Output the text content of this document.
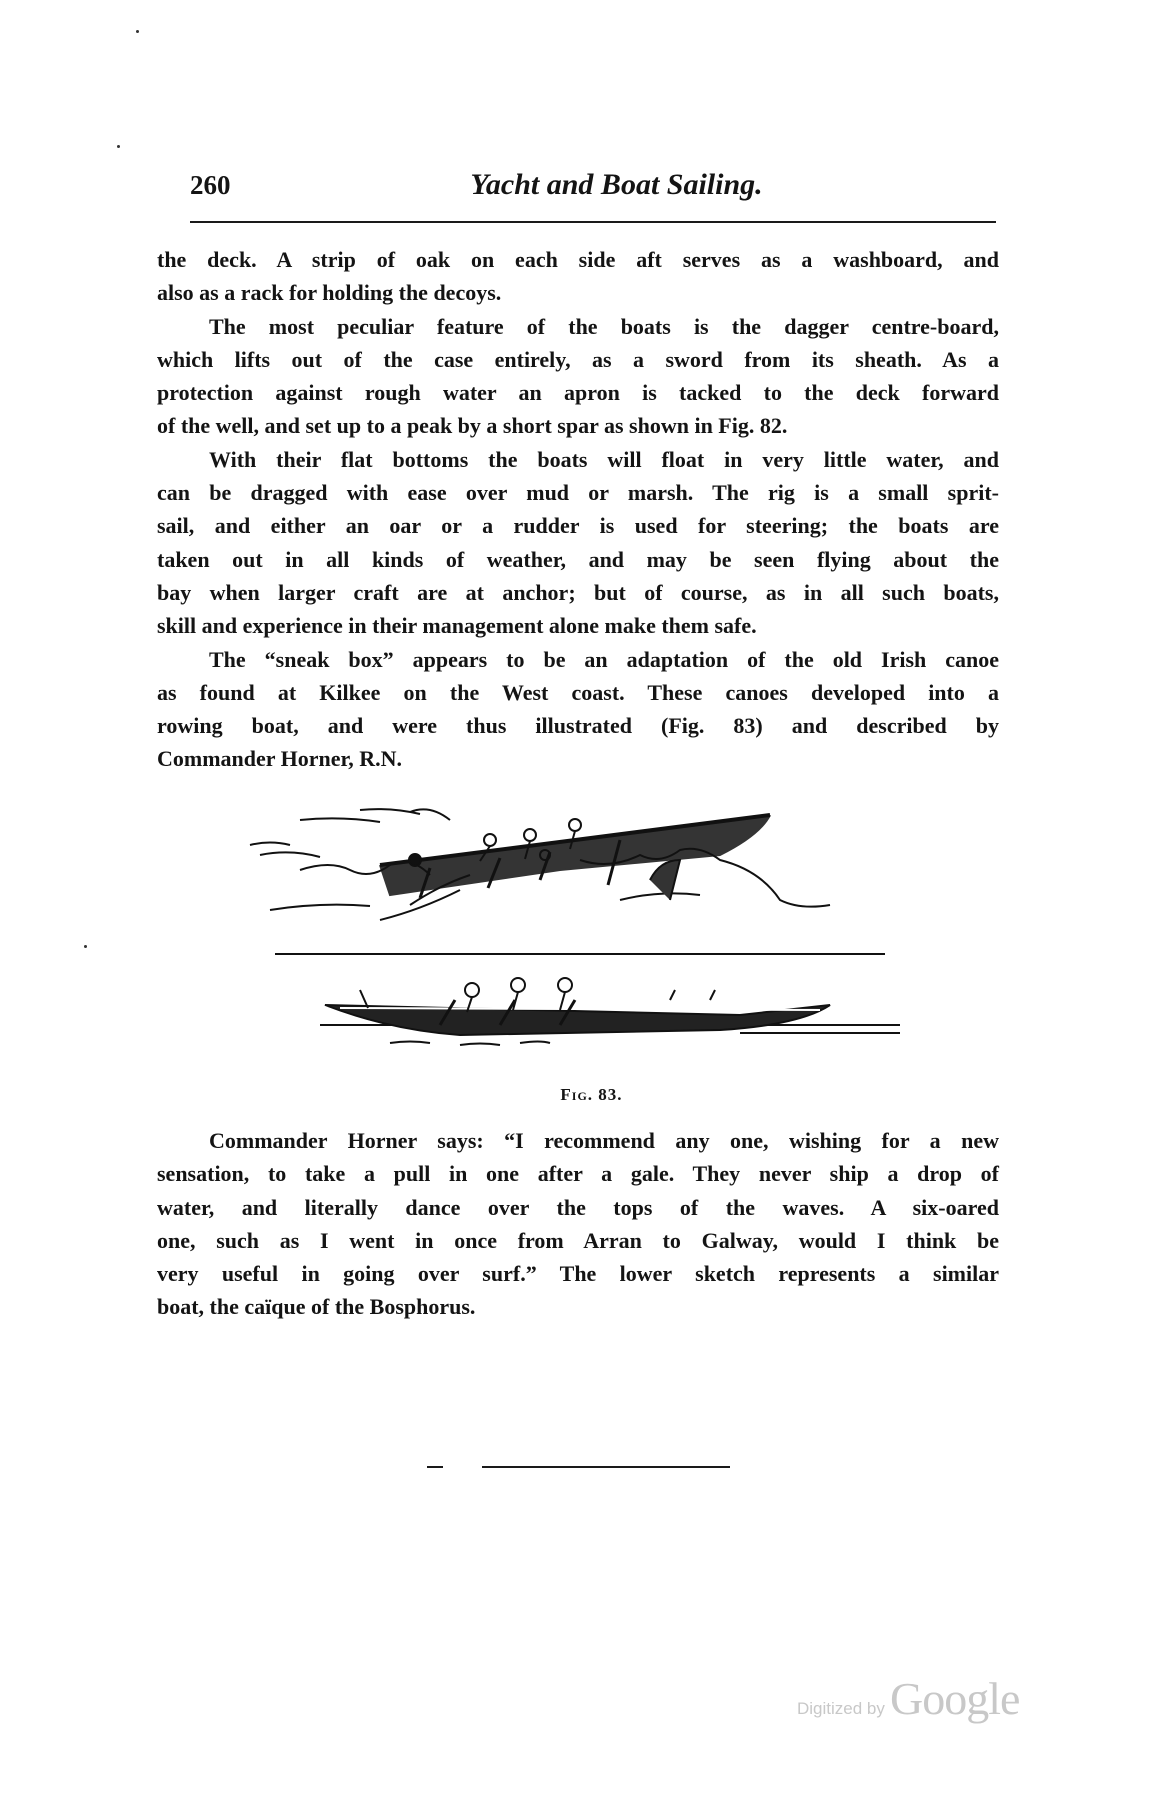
260	Yacht and Boat Sailing.
the deck. A strip of oak on each side aft serves as a washboard, and
also as a rack for holding the decoys.
The most peculiar feature of the boats is the dagger centre-board,
which lifts out of the case entirely, as a sword from its sheath. As a
protection against rough water an apron is tacked to the deck forward
of the well, and set up to a peak by a short spar as shown in Fig. 82.
With their flat bottoms the boats will float in very little water, and
can be dragged with ease over mud or marsh. The rig is a small sprit-
sail, and either an oar or a rudder is used for steering; the boats are
taken out in all kinds of weather, and may be seen flying about the
bay when larger craft are at anchor; but of course, as in all such boats,
skill and experience in their management alone make them safe.
The “sneak box” appears to be an adaptation of the old Irish canoe
as found at Kilkee on the West coast. These canoes developed into a
rowing boat, and were thus illustrated (Fig. 83) and described by
Commander Horner, R.N.
Fig. 83.
Commander Horner says: “I recommend any one, wishing for a new
sensation, to take a pull in one after a gale. They never ship a drop of
water, and literally dance over the tops of the waves. A six-oared
one, such as I went in once from Arran to Galway, would I think be
very useful in going over surf.” The lower sketch represents a similar
boat, the caïque of the Bosphorus.
Digitized by Google
